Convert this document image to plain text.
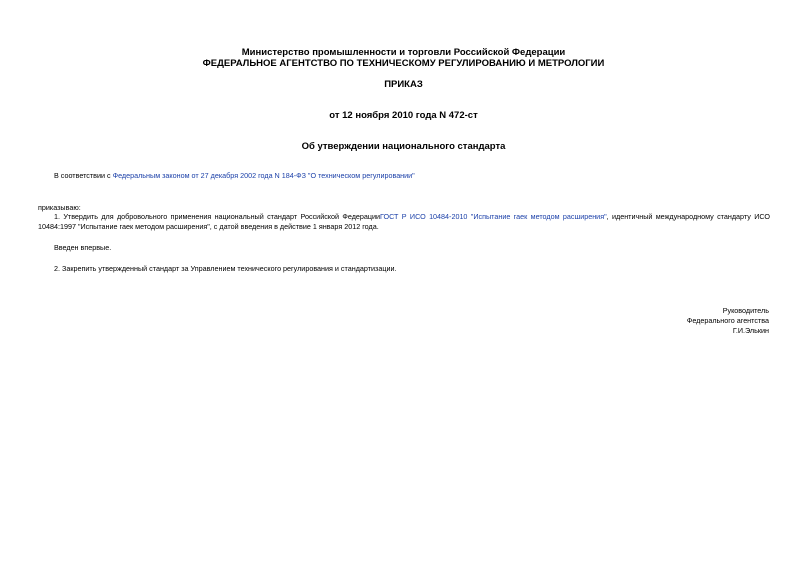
Министерство промышленности и торговли Российской Федерации
ФЕДЕРАЛЬНОЕ АГЕНТСТВО ПО ТЕХНИЧЕСКОМУ РЕГУЛИРОВАНИЮ И МЕТРОЛОГИИ
ПРИКАЗ
от 12 ноября 2010 года N 472-ст
Об утверждении национального стандарта
В соответствии с Федеральным законом от 27 декабря 2002 года N 184-ФЗ "О техническом регулировании"
приказываю:
1. Утвердить для добровольного применения национальный стандарт Российской ФедерацииГОСТ Р ИСО 10484-2010 "Испытание гаек методом расширения", идентичный международному стандарту ИСО 10484:1997 "Испытание гаек методом расширения", с датой введения в действие 1 января 2012 года.
Введен впервые.
2. Закрепить утвержденный стандарт за Управлением технического регулирования и стандартизации.
Руководитель
Федерального агентства
Г.И.Элькин
